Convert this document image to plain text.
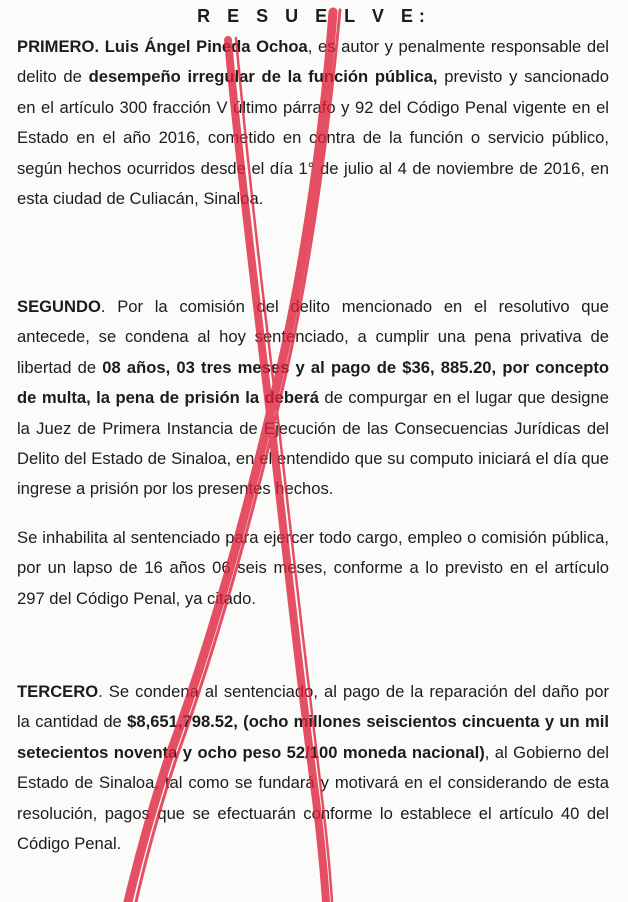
R E S U E L V E:

PRIMERO. Luis Ángel Pineda Ochoa, es autor y penalmente responsable del delito de desempeño irregular de la función pública, previsto y sancionado en el artículo 300 fracción V último párrafo y 92 del Código Penal vigente en el Estado en el año 2016, cometido en contra de la función o servicio público, según hechos ocurridos desde el día 1° de julio al 4 de noviembre de 2016, en esta ciudad de Culiacán, Sinaloa.

SEGUNDO. Por la comisión del delito mencionado en el resolutivo que antecede, se condena al hoy sentenciado, a cumplir una pena privativa de libertad de 08 años, 03 tres meses y al pago de $36, 885.20, por concepto de multa, la pena de prisión la deberá de compurgar en el lugar que designe la Juez de Primera Instancia de Ejecución de las Consecuencias Jurídicas del Delito del Estado de Sinaloa, en el entendido que su computo iniciará el día que ingrese a prisión por los presentes hechos.

Se inhabilita al sentenciado para ejercer todo cargo, empleo o comisión pública, por un lapso de 16 años 06 seis meses, conforme a lo previsto en el artículo 297 del Código Penal, ya citado.

TERCERO. Se condena al sentenciado, al pago de la reparación del daño por la cantidad de $8,651,798.52, (ocho millones seiscientos cincuenta y un mil setecientos noventa y ocho peso 52/100 moneda nacional), al Gobierno del Estado de Sinaloa, tal como se fundará y motivará en el considerando de esta resolución, pagos que se efectuarán conforme lo establece el artículo 40 del Código Penal.
